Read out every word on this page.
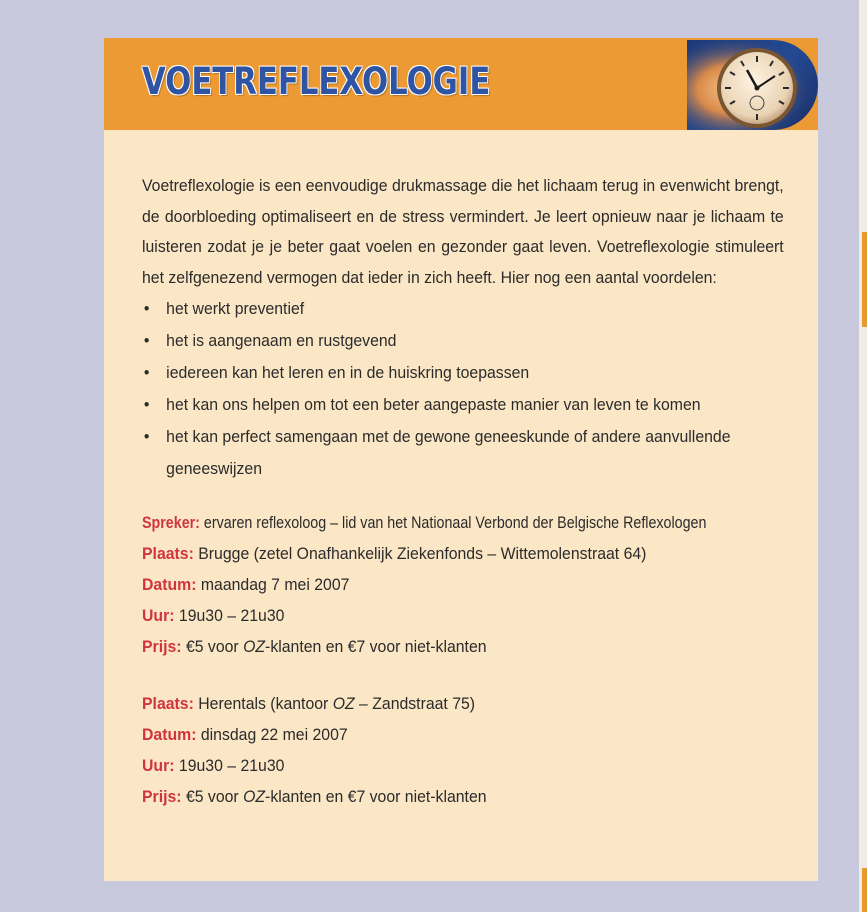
VOETREFLEXOLOGIE

Voetreflexologie is een eenvoudige drukmassage die het lichaam terug in evenwicht brengt, de doorbloeding optimaliseert en de stress vermindert. Je leert opnieuw naar je lichaam te luisteren zodat je je beter gaat voelen en gezonder gaat leven. Voetreflexologie stimuleert het zelfgenezend vermogen dat ieder in zich heeft. Hier nog een aantal voordelen:

• het werkt preventief
• het is aangenaam en rustgevend
• iedereen kan het leren en in de huiskring toepassen
• het kan ons helpen om tot een beter aangepaste manier van leven te komen
• het kan perfect samengaan met de gewone geneeskunde of andere aanvullende geneeswijzen
Spreker: ervaren reflexoloog – lid van het Nationaal Verbond der Belgische Reflexologen
Plaats: Brugge (zetel Onafhankelijk Ziekenfonds – Wittemolenstraat 64)
Datum: maandag 7 mei 2007
Uur: 19u30 – 21u30
Prijs: €5 voor OZ-klanten en €7 voor niet-klanten
Plaats: Herentals (kantoor OZ – Zandstraat 75)
Datum: dinsdag 22 mei 2007
Uur: 19u30 – 21u30
Prijs: €5 voor OZ-klanten en €7 voor niet-klanten
